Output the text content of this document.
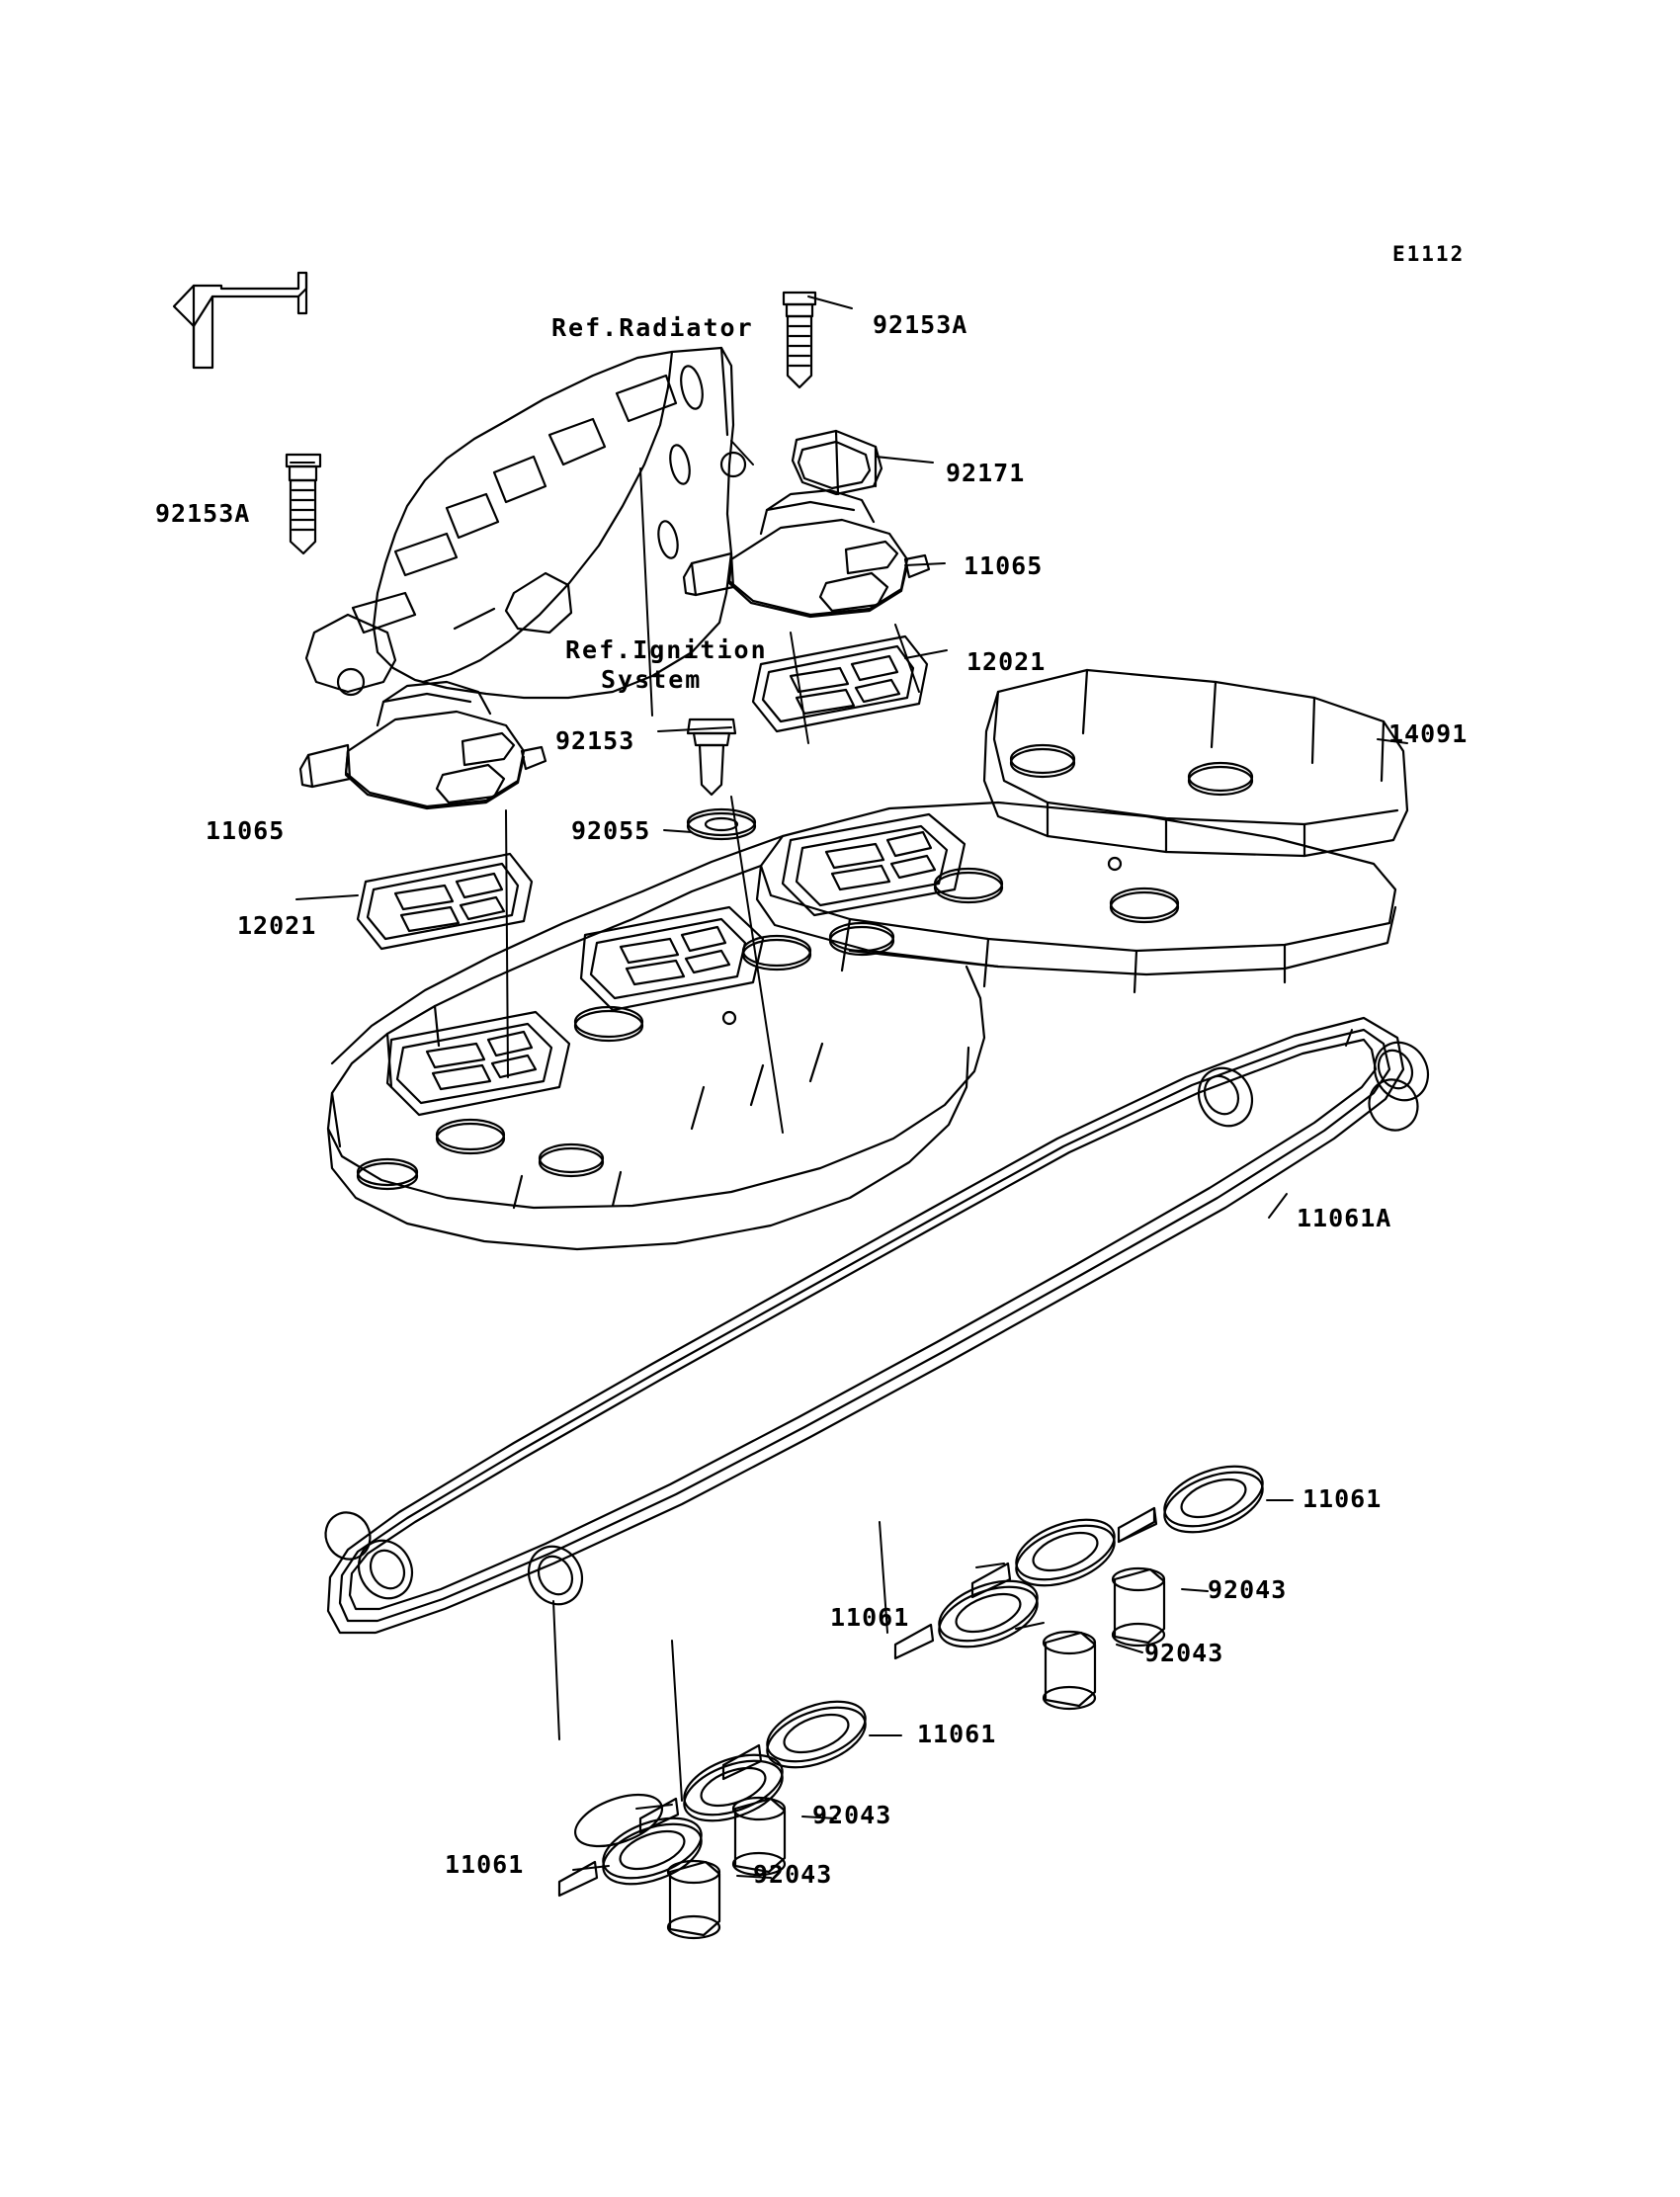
E1112
Ref.Radiator
Ref.Ignition
System
92153A
92171
92153A
11065
12021
14091
92153
11065	92055
12021
11061A
11061
92043
11061
92043
11061
92043
11061	92043
